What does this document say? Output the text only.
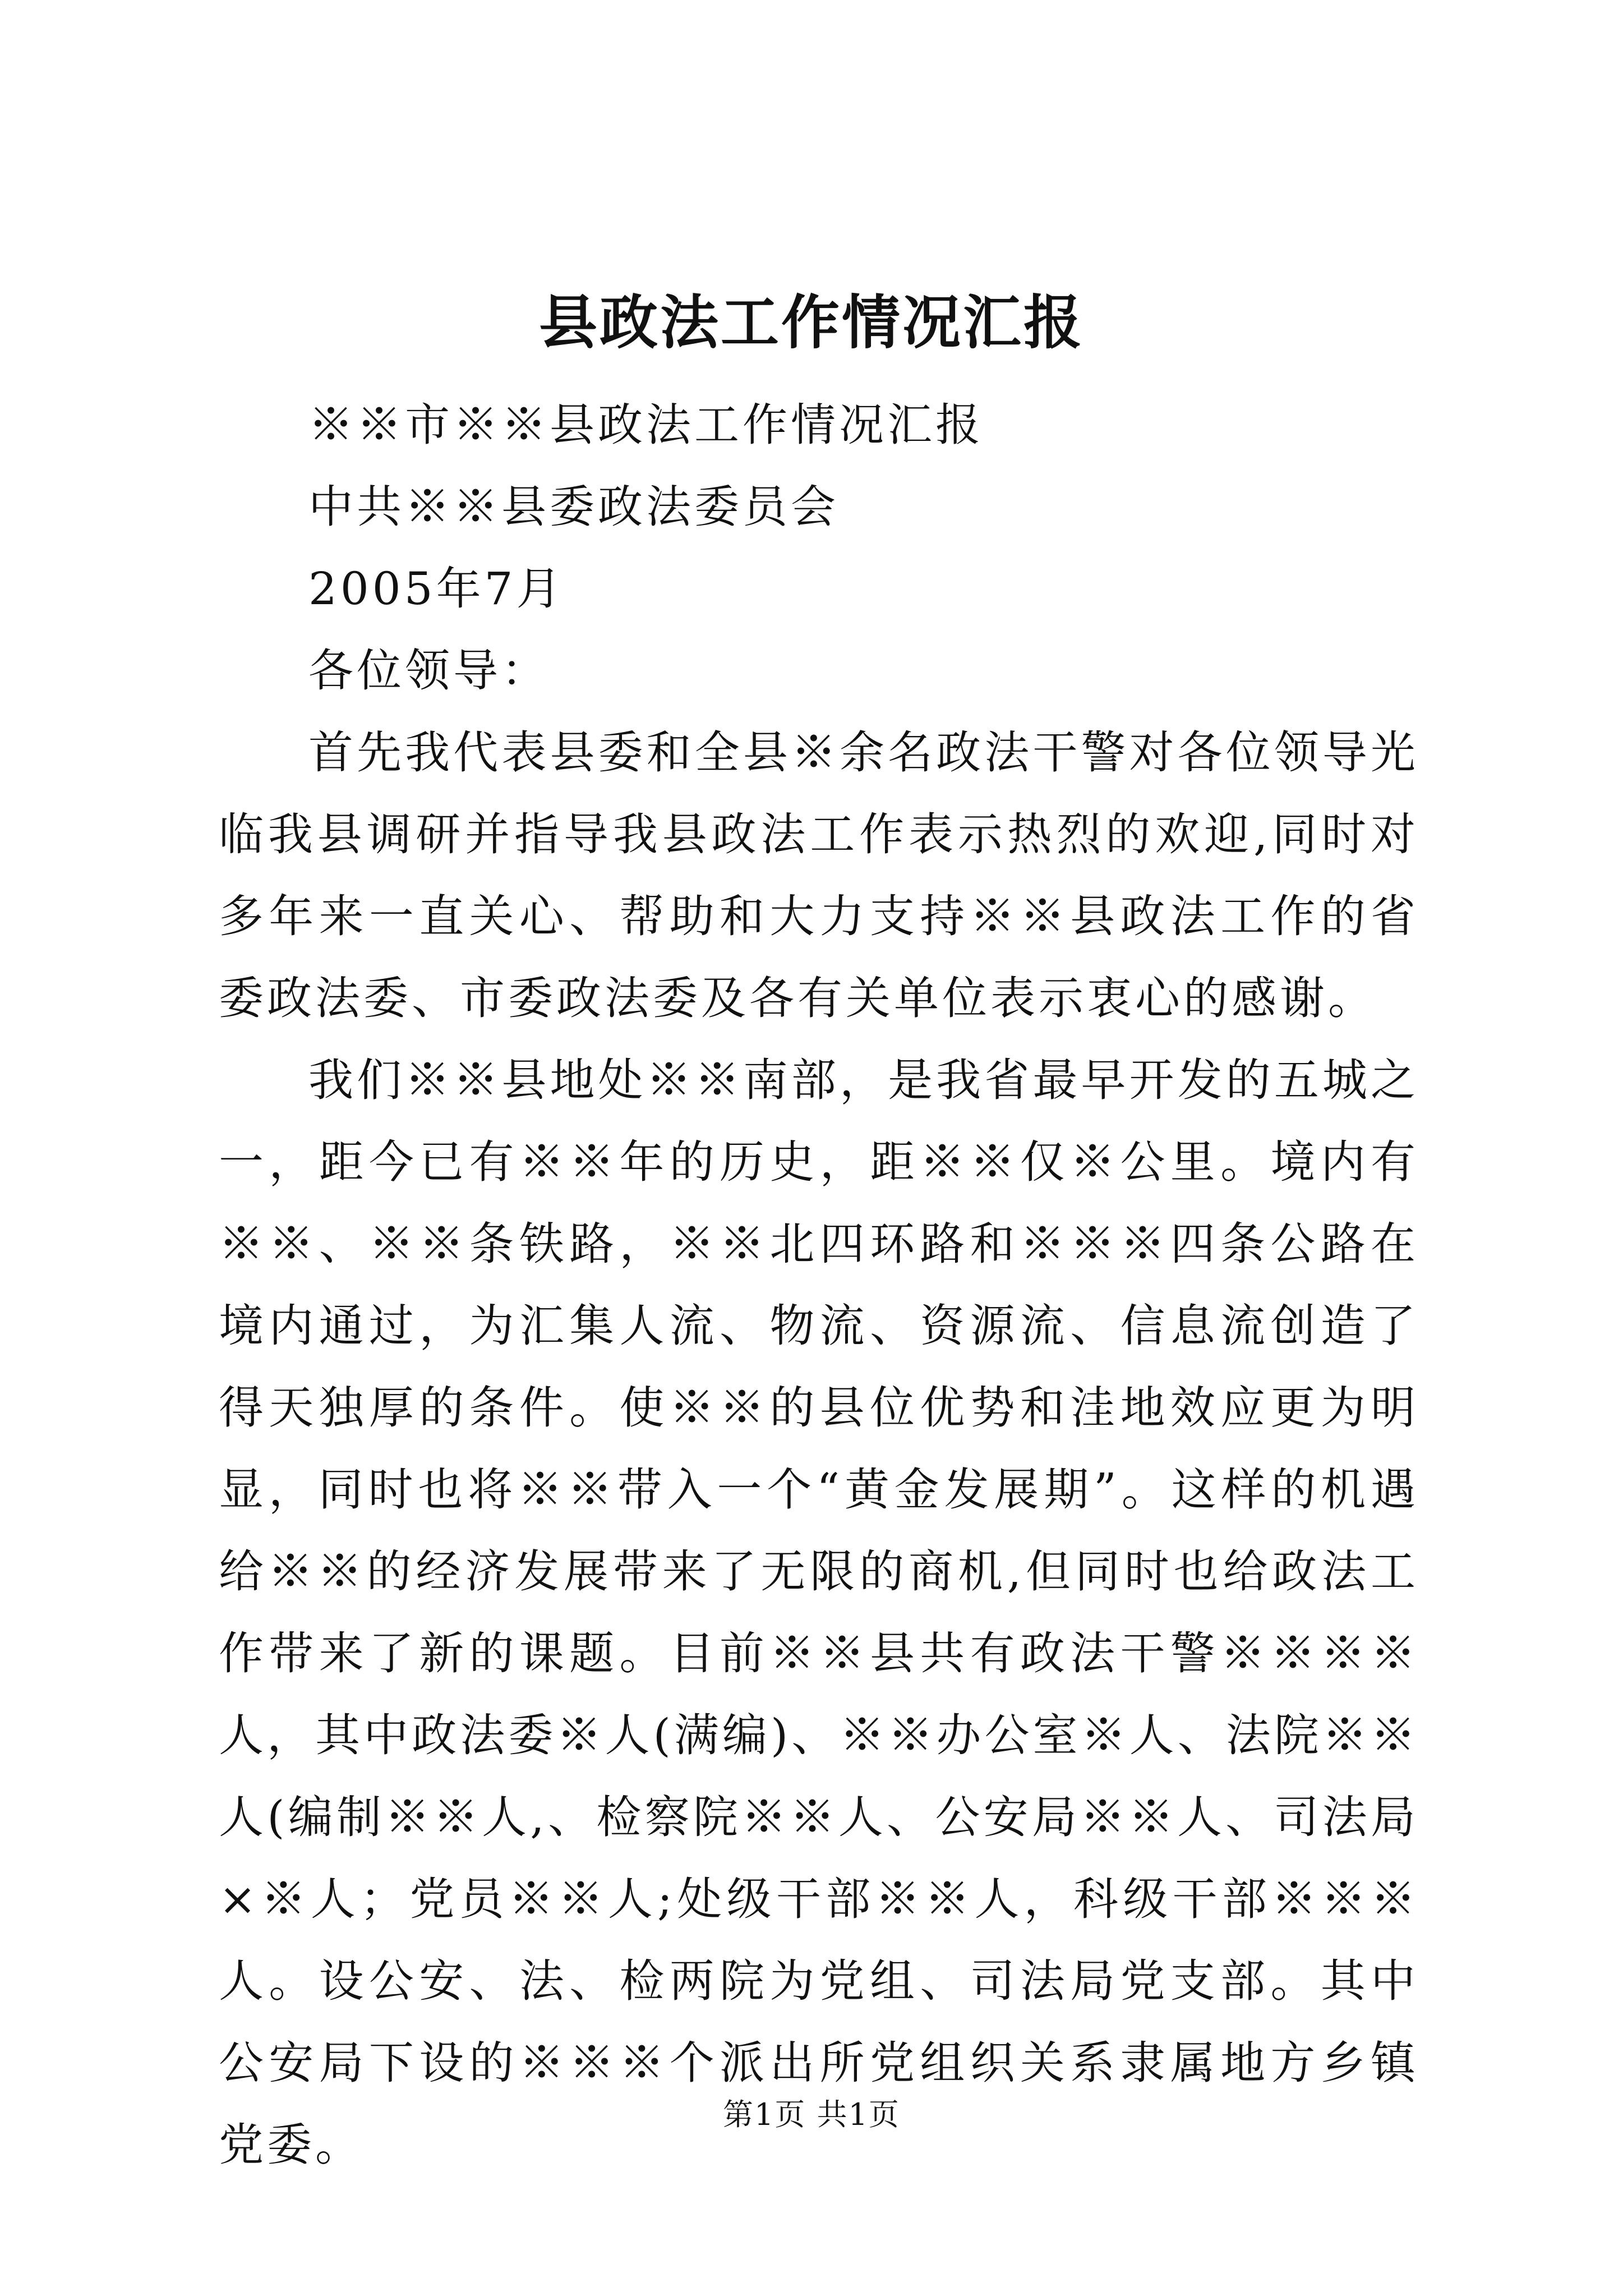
县政法工作情况汇报

※※市※※县政法工作情况汇报

中共※※县委政法委员会

2005年7月

各位领导：

首先我代表县委和全县※余名政法干警对各位领导光临我县调研并指导我县政法工作表示热烈的欢迎,同时对多年来一直关心、帮助和大力支持※※县政法工作的省委政法委、市委政法委及各有关单位表示衷心的感谢。

我们※※县地处※※南部，是我省最早开发的五城之一，距今已有※※年的历史，距※※仅※公里。境内有※※、※※条铁路，※※北四环路和※※※四条公路在境内通过，为汇集人流、物流、资源流、信息流创造了得天独厚的条件。使※※的县位优势和洼地效应更为明显，同时也将※※带入一个“黄金发展期”。这样的机遇给※※的经济发展带来了无限的商机,但同时也给政法工作带来了新的课题。目前※※县共有政法干警※※※※人，其中政法委※人(满编)、※※办公室※人、法院※※人(编制※※人,、检察院※※人、公安局※※人、司法局×※人；党员※※人;处级干部※※人，科级干部※※※人。设公安、法、检两院为党组、司法局党支部。其中公安局下设的※※※个派出所党组织关系隶属地方乡镇党委。

第1页 共1页
